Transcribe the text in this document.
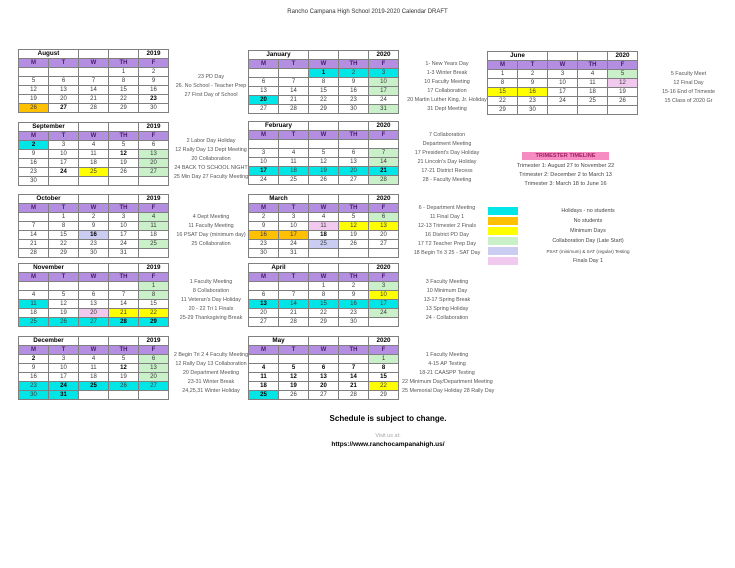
Rancho Campana High School 2019-2020 Calendar DRAFT
August				2019
M	T	W	TH	F
			1	2
5	6	7	8	9
12	13	14	15	16
19	20	21	22	23
26	27	28	29	30
23 PD Day
26. No School - Teacher Prep
27 First Day of School
September				2019
M	T	W	TH	F
2	3	4	5	6
9	10	11	12	13
16	17	18	19	20
23	24	25	26	27
30				
2 Labor Day Holiday
12 Rally Day 13 Dept Meeting
20 Collaboration
24 BACK TO SCHOOL NIGHT
25 Min Day 27 Faculty Meeting
October				2019
M	T	W	TH	F
	1	2	3	4
7	8	9	10	11
14	15	16	17	18
21	22	23	24	25
28	29	30	31	
4 Dept Meeting
11 Faculty Meeting
16 PSAT Day (minimum day)
25 Collaboration
November				2019
M	T	W	TH	F
				1
4	5	6	7	8
11	12	13	14	15
18	19	20	21	22
25	26	27	28	29
1 Faculty Meeting
8 Collaboration
11 Veteran's Day Holiday
20 - 22 Tri 1 Finals
25-29 Thanksgiving Break
December				2019
M	T	W	TH	F
2	3	4	5	6
9	10	11	12	13
16	17	18	19	20
23	24	25	26	27
30	31			
2 Begin Tri 2 4 Faculty Meeting
12 Rally Day 13 Collaboration
20 Department Meeting
23-31 Winter Break
24,25,31 Winter Holiday
January				2020
M	T	W	TH	F
		1	2	3
6	7	8	9	10
13	14	15	16	17
20	21	22	23	24
27	28	29	30	31
1- New Years Day
1-3 Winter Break
10 Faculty Meeting
17 Collaboration
20 Martin Luther King, Jr. Holiday
31 Dept Meeting
February				2020
M	T	W	TH	F

3	4	5	6	7
10	11	12	13	14
17	18	19	20	21
24	25	26	27	28
7 Collaboration
Department Meeting
17 President's Day Holiday
21 Lincoln's Day Holiday
17-21 District Recess
28 - Faculty Meeting
March				2020
M	T	W	TH	F
2	3	4	5	6
9	10	11	12	13
16	17	18	19	20
23	24	25	26	27
30	31			
6 - Department Meeting
11 Final Day 1
12-13 Trimester 2 Finals
16 District PD Day
17 T2 Teacher Prep Day
18 Begin Tri 3 25 - SAT Day
April				2020
M	T	W	TH	F
		1	2	3
6	7	8	9	10
13	14	15	16	17
20	21	22	23	24
27	28	29	30	
3 Faculty Meeting
10 Minimum Day
13-17 Spring Break
13 Spring Holiday
24 - Collaboration
May				2020
M	T	W	TH	F
				1
4	5	6	7	8
11	12	13	14	15
18	19	20	21	22
25	26	27	28	29
1 Faculty Meeting
4-15 AP Testing
18-21 CAASPP Testing
22 Minimum Day/Department Meeting
25 Memorial Day Holiday 28 Rally Day
June				2020
M	T	W	TH	F
1	2	3	4	5
8	9	10	11	12
15	16	17	18	19
22	23	24	25	26
29	30			
5 Faculty Meet
12 Final Day
15-16 End of Trimeste
15 Class of 2020 Gr
TRIMESTER TIMELINE
Trimester 1: August 27 to November 22
Trimester 2: December 2 to March 13
Trimester 3: March 18 to June 16
Holidays - no students
No students
Minimum Days
Collaboration Day (Late Start)
PSAT (minimum) & SAT (regular) Testing
Finals Day 1
Schedule is subject to change.
Visit us at:
https://www.ranchocampanahigh.us/
